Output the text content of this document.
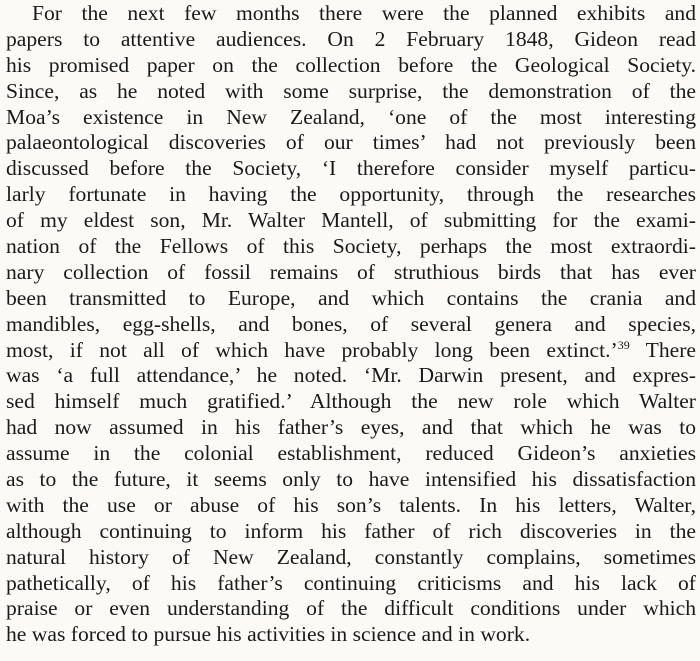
For the next few months there were the planned exhibits and
papers to attentive audiences. On 2 February 1848, Gideon read
his promised paper on the collection before the Geological Society.
Since, as he noted with some surprise, the demonstration of the
Moa’s existence in New Zealand, ‘one of the most interesting
palaeontological discoveries of our times’ had not previously been
discussed before the Society, ‘I therefore consider myself particu-
larly fortunate in having the opportunity, through the researches
of my eldest son, Mr. Walter Mantell, of submitting for the exami-
nation of the Fellows of this Society, perhaps the most extraordi-
nary collection of fossil remains of struthious birds that has ever
been transmitted to Europe, and which contains the crania and
mandibles, egg-shells, and bones, of several genera and species,
most, if not all of which have probably long been extinct.’$^{39}$ There
was ‘a full attendance,’ he noted. ‘Mr. Darwin present, and expres-
sed himself much gratified.’ Although the new role which Walter
had now assumed in his father’s eyes, and that which he was to
assume in the colonial establishment, reduced Gideon’s anxieties
as to the future, it seems only to have intensified his dissatisfaction
with the use or abuse of his son’s talents. In his letters, Walter,
although continuing to inform his father of rich discoveries in the
natural history of New Zealand, constantly complains, sometimes
pathetically, of his father’s continuing criticisms and his lack of
praise or even understanding of the difficult conditions under which
he was forced to pursue his activities in science and in work.
